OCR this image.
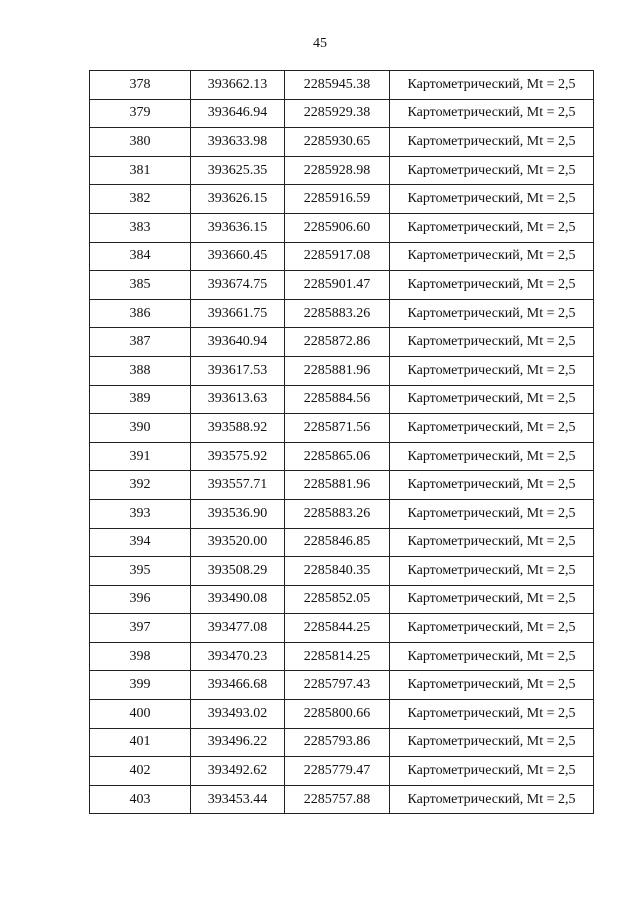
45
378	393662.13	2285945.38	Картометрический, Mt = 2,5
379	393646.94	2285929.38	Картометрический, Mt = 2,5
380	393633.98	2285930.65	Картометрический, Mt = 2,5
381	393625.35	2285928.98	Картометрический, Mt = 2,5
382	393626.15	2285916.59	Картометрический, Mt = 2,5
383	393636.15	2285906.60	Картометрический, Mt = 2,5
384	393660.45	2285917.08	Картометрический, Mt = 2,5
385	393674.75	2285901.47	Картометрический, Mt = 2,5
386	393661.75	2285883.26	Картометрический, Mt = 2,5
387	393640.94	2285872.86	Картометрический, Mt = 2,5
388	393617.53	2285881.96	Картометрический, Mt = 2,5
389	393613.63	2285884.56	Картометрический, Mt = 2,5
390	393588.92	2285871.56	Картометрический, Mt = 2,5
391	393575.92	2285865.06	Картометрический, Mt = 2,5
392	393557.71	2285881.96	Картометрический, Mt = 2,5
393	393536.90	2285883.26	Картометрический, Mt = 2,5
394	393520.00	2285846.85	Картометрический, Mt = 2,5
395	393508.29	2285840.35	Картометрический, Mt = 2,5
396	393490.08	2285852.05	Картометрический, Mt = 2,5
397	393477.08	2285844.25	Картометрический, Mt = 2,5
398	393470.23	2285814.25	Картометрический, Mt = 2,5
399	393466.68	2285797.43	Картометрический, Mt = 2,5
400	393493.02	2285800.66	Картометрический, Mt = 2,5
401	393496.22	2285793.86	Картометрический, Mt = 2,5
402	393492.62	2285779.47	Картометрический, Mt = 2,5
403	393453.44	2285757.88	Картометрический, Mt = 2,5
